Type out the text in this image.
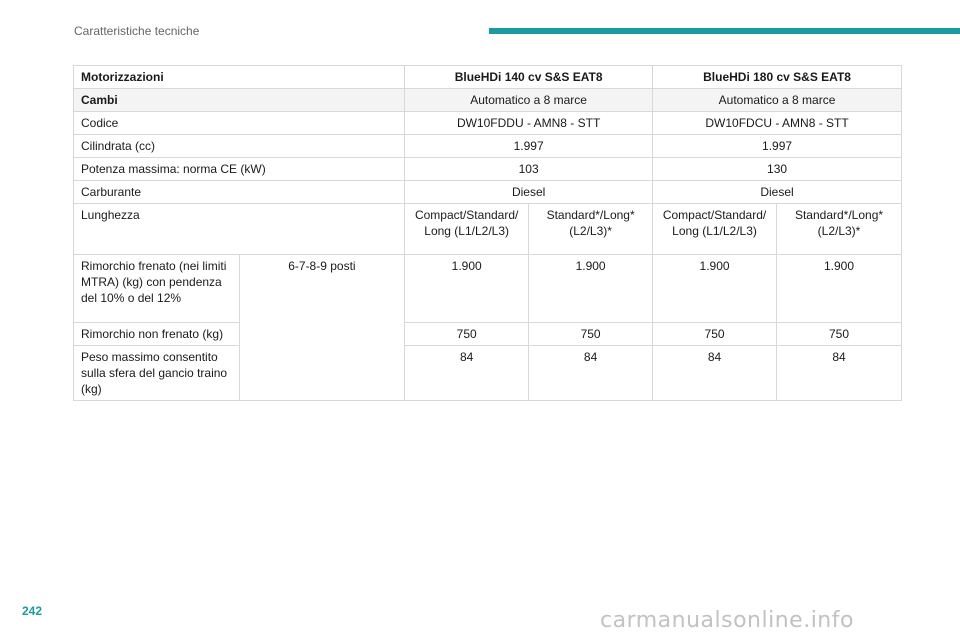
Caratteristiche tecniche
Motorizzazioni		BlueHDi 140 cv S&S EAT8		BlueHDi 180 cv S&S EAT8	
Cambi		Automatico a 8 marce		Automatico a 8 marce	
Codice		DW10FDDU - AMN8 - STT		DW10FDCU - AMN8 - STT	
Cilindrata (cc)		1.997		1.997	
Potenza massima: norma CE (kW)		103		130	
Carburante		Diesel		Diesel	
Lunghezza		Compact/Standard/ Long (L1/L2/L3)	Standard*/Long* (L2/L3)*	Compact/Standard/ Long (L1/L2/L3)	Standard*/Long* (L2/L3)*
Rimorchio frenato (nei limiti MTRA) (kg) con pendenza del 10% o del 12%	6-7-8-9 posti	1.900	1.900	1.900	1.900
Rimorchio non frenato (kg)		750	750	750	750
Peso massimo consentito sulla sfera del gancio traino (kg)		84	84	84	84
242	carmanualsonline.info
